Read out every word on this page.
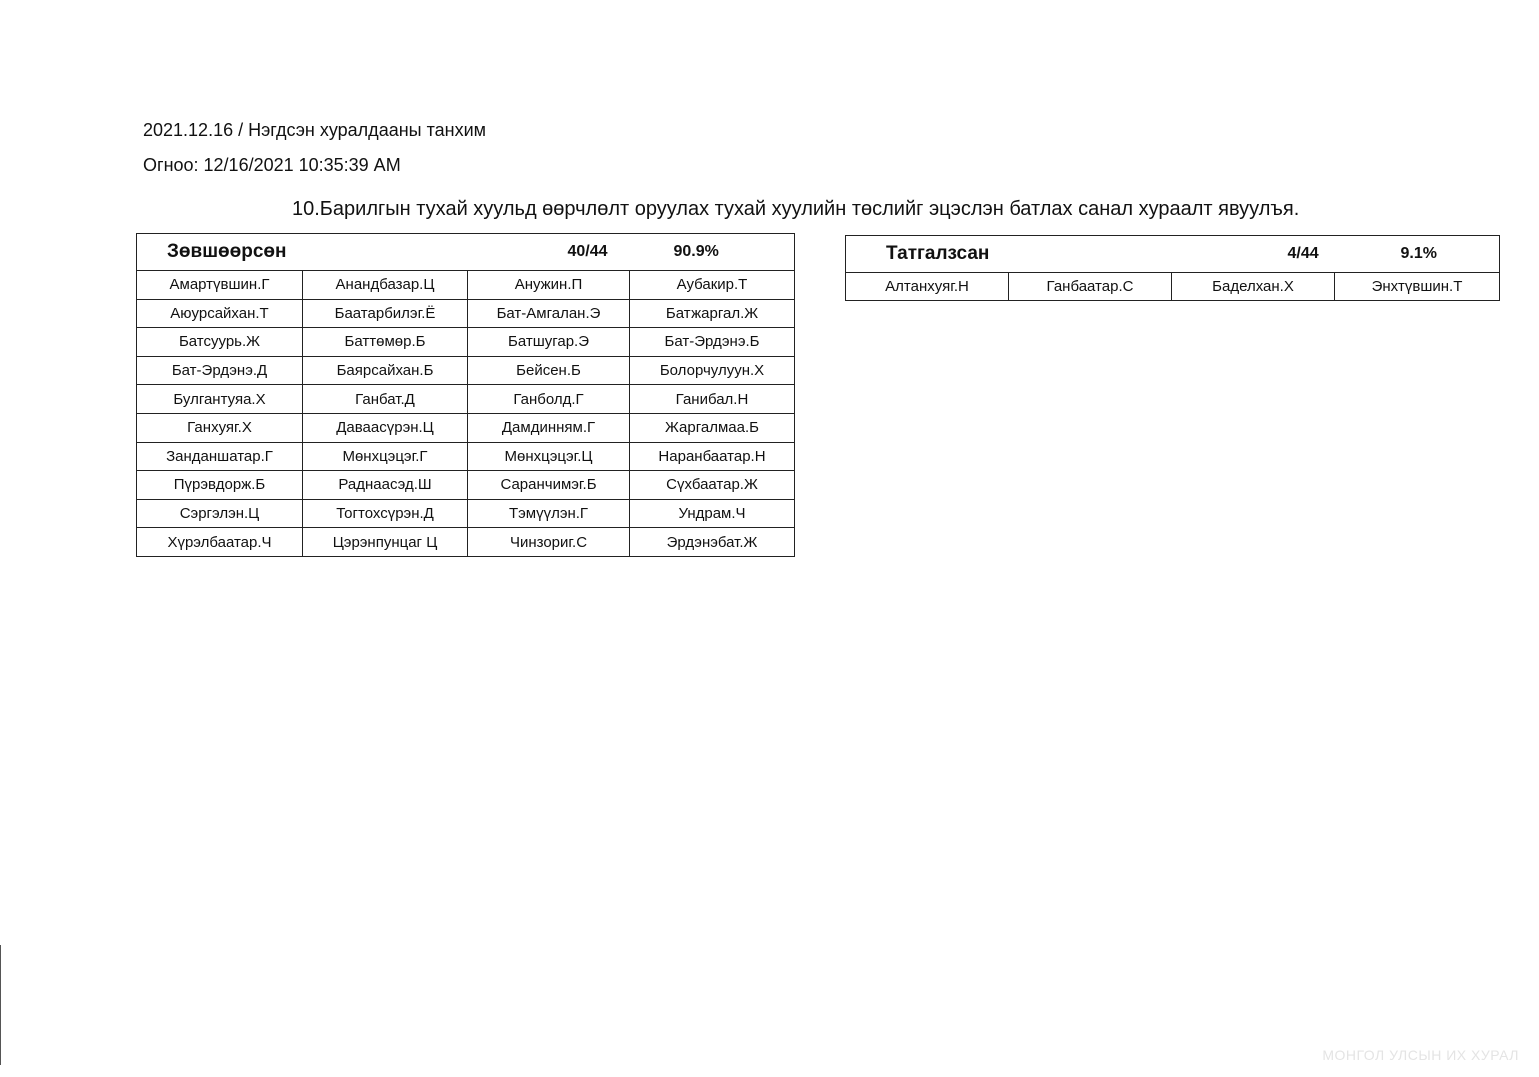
2021.12.16 / Нэгдсэн хуралдааны танхим
Огноо: 12/16/2021 10:35:39 AM
10.Барилгын тухай хуульд өөрчлөлт оруулах тухай хуулийн төслийг эцэслэн батлах санал хураалт явуулъя.
Зөвшөөрсөн		40/44	90.9%
Амартүвшин.Г	Анандбазар.Ц	Анужин.П	Аубакир.Т
Аюурсайхан.Т	Баатарбилэг.Ё	Бат-Амгалан.Э	Батжаргал.Ж
Батсуурь.Ж	Баттөмөр.Б	Батшугар.Э	Бат-Эрдэнэ.Б
Бат-Эрдэнэ.Д	Баярсайхан.Б	Бейсен.Б	Болорчулуун.Х
Булгантуяа.Х	Ганбат.Д	Ганболд.Г	Ганибал.Н
Ганхуяг.Х	Даваасүрэн.Ц	Дамдинням.Г	Жаргалмаа.Б
Занданшатар.Г	Мөнхцэцэг.Г	Мөнхцэцэг.Ц	Наранбаатар.Н
Пүрэвдорж.Б	Раднаасэд.Ш	Саранчимэг.Б	Сүхбаатар.Ж
Сэргэлэн.Ц	Тогтохсүрэн.Д	Тэмүүлэн.Г	Ундрам.Ч
Хүрэлбаатар.Ч	Цэрэнпунцаг Ц	Чинзориг.С	Эрдэнэбат.Ж
Татгалзсан		4/44	9.1%
Алтанхуяг.Н	Ганбаатар.С	Баделхан.Х	Энхтүвшин.Т
МОНГОЛ УЛСЫН ИХ ХУРАЛ
